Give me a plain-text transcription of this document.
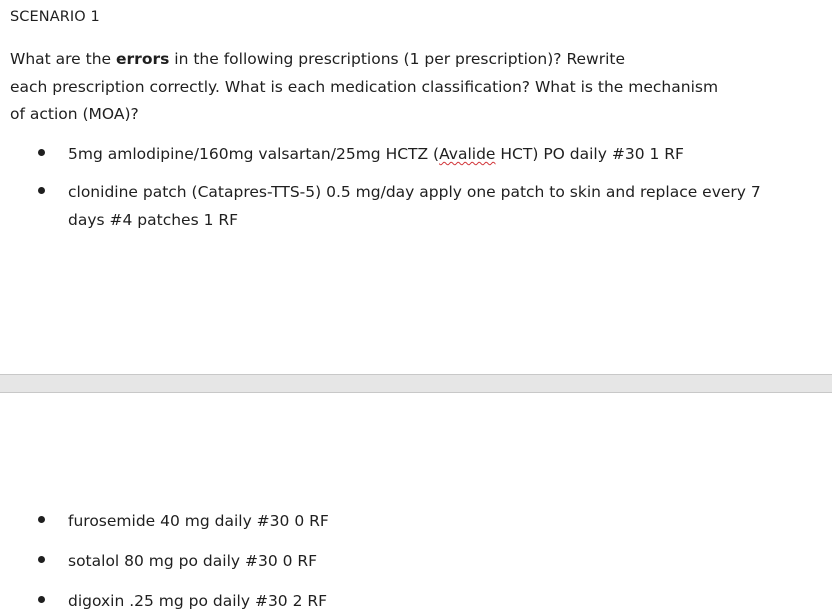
SCENARIO 1
What are the errors in the following prescriptions (1 per prescription)? Rewrite
each prescription correctly. What is each medication classification? What is the mechanism
of action (MOA)?
5mg amlodipine/160mg valsartan/25mg HCTZ (Avalide HCT) PO daily #30 1 RF
clonidine patch (Catapres-TTS-5) 0.5 mg/day apply one patch to skin and replace every 7
days #4 patches 1 RF
furosemide 40 mg daily #30 0 RF
sotalol 80 mg po daily #30 0 RF
digoxin .25 mg po daily #30 2 RF
